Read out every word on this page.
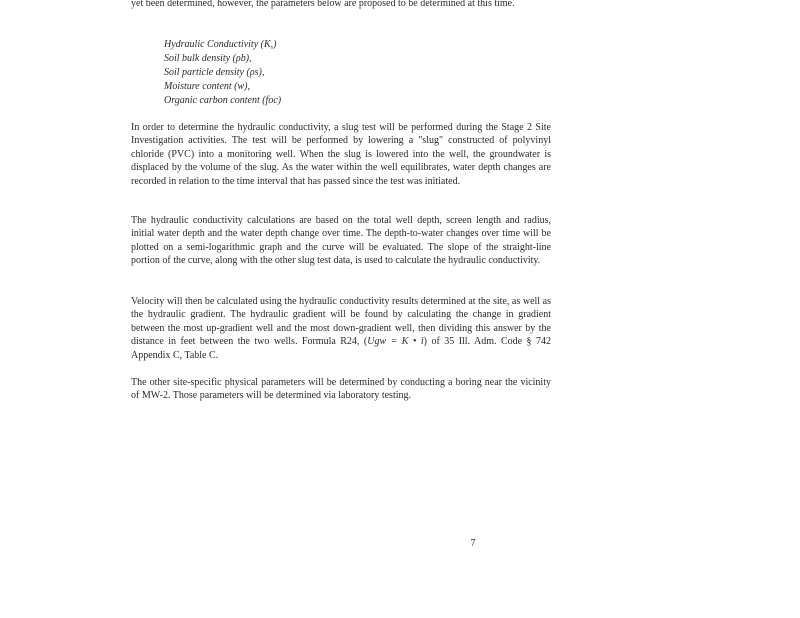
yet been determined, however, the parameters below are proposed to be determined at this time.

Hydraulic Conductivity (K,)
Soil bulk density (ρb),
Soil particle density (ρs),
Moisture content (w),
Organic carbon content (foc)

In order to determine the hydraulic conductivity, a slug test will be performed during the Stage 2 Site Investigation activities. The test will be performed by lowering a "slug" constructed of polyvinyl chloride (PVC) into a monitoring well. When the slug is lowered into the well, the groundwater is displaced by the volume of the slug. As the water within the well equilibrates, water depth changes are recorded in relation to the time interval that has passed since the test was initiated.

The hydraulic conductivity calculations are based on the total well depth, screen length and radius, initial water depth and the water depth change over time. The depth-to-water changes over time will be plotted on a semi-logarithmic graph and the curve will be evaluated. The slope of the straight-line portion of the curve, along with the other slug test data, is used to calculate the hydraulic conductivity.

Velocity will then be calculated using the hydraulic conductivity results determined at the site, as well as the hydraulic gradient. The hydraulic gradient will be found by calculating the change in gradient between the most up-gradient well and the most down-gradient well, then dividing this answer by the distance in feet between the two wells. Formula R24, (Ugw = K • i) of 35 Ill. Adm. Code § 742 Appendix C, Table C.

The other site-specific physical parameters will be determined by conducting a boring near the vicinity of MW-2. Those parameters will be determined via laboratory testing.

7
